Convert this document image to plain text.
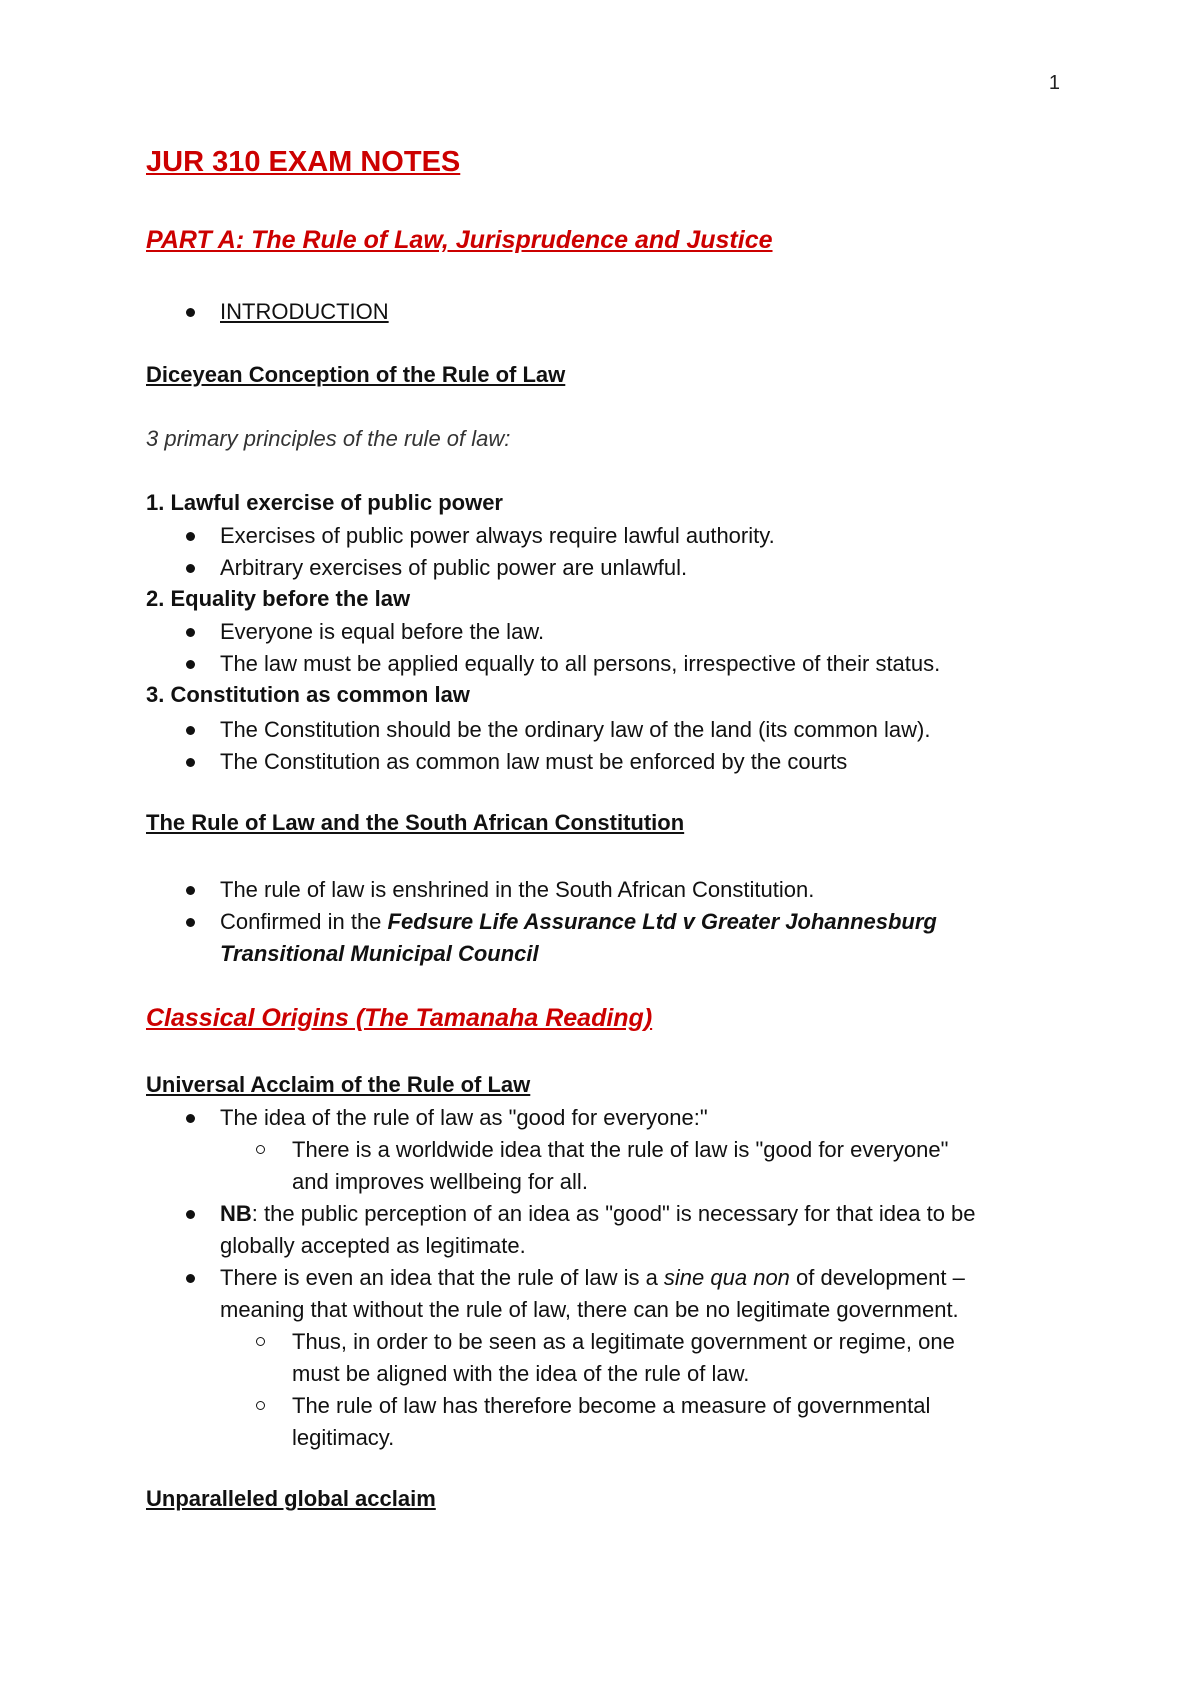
1
JUR 310 EXAM NOTES
PART A: The Rule of Law, Jurisprudence and Justice
INTRODUCTION
Diceyean Conception of the Rule of Law
3 primary principles of the rule of law:
1. Lawful exercise of public power
Exercises of public power always require lawful authority.
Arbitrary exercises of public power are unlawful.
2. Equality before the law
Everyone is equal before the law.
The law must be applied equally to all persons, irrespective of their status.
3. Constitution as common law
The Constitution should be the ordinary law of the land (its common law).
The Constitution as common law must be enforced by the courts
The Rule of Law and the South African Constitution
The rule of law is enshrined in the South African Constitution.
Confirmed in the Fedsure Life Assurance Ltd v Greater Johannesburg
Transitional Municipal Council
Classical Origins (The Tamanaha Reading)
Universal Acclaim of the Rule of Law
The idea of the rule of law as "good for everyone:"
There is a worldwide idea that the rule of law is "good for everyone"
and improves wellbeing for all.
NB: the public perception of an idea as "good" is necessary for that idea to be
globally accepted as legitimate.
There is even an idea that the rule of law is a sine qua non of development –
meaning that without the rule of law, there can be no legitimate government.
Thus, in order to be seen as a legitimate government or regime, one
must be aligned with the idea of the rule of law.
The rule of law has therefore become a measure of governmental
legitimacy.
Unparalleled global acclaim
